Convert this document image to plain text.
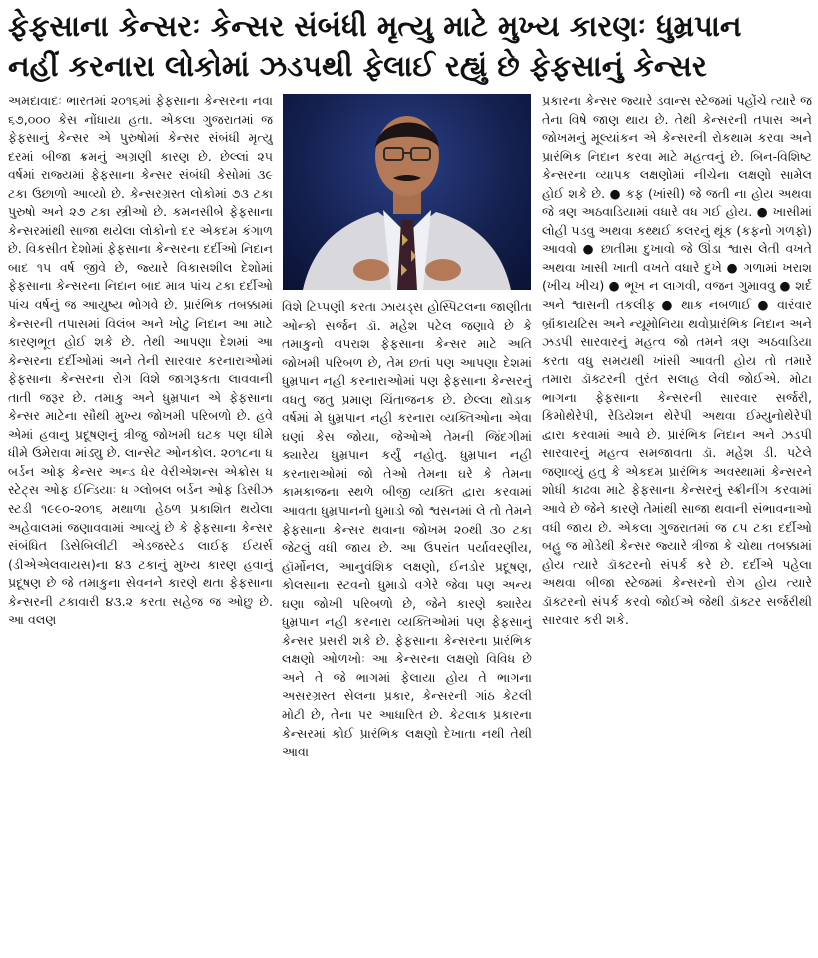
ફેફસાના કેન્સરઃ કેન્સર સંબંધી મૃત્યુ માટે મુખ્ય કારણઃ ધુમ્રપાન
નહીં કરનારા લોકોમાં ઝડપથી ફેલાઈ રહ્યું છે ફેફસાનું કેન્સર

અમદાવાદઃ ભારતમાં ૨૦૧૬માં ફેફસાના કેન્સરના નવા ૬૭,૦૦૦ કેસ નોંધાયા હતા. એકલા ગુજરાતમાં જ ફેફસાનું કેન્સર એ પુરુષોમાં કેન્સર સંબંધી મૃત્યુ દરમાં બીજા ક્રમનું અગ્રણી કારણ છે. છેલ્લાં ૨૫ વર્ષમાં રાજ્યમાં ફેફસાના કેન્સર સંબંધી કેસોમાં ૩૯ ટકા ઉછાળો આવ્યો છે. કેન્સરગ્રસ્ત લોકોમાં ૭૩ ટકા પુરુષો અને ૨૭ ટકા સ્ત્રીઓ છે. કમનસીબે ફેફસાના કેન્સરમાંથી સાજા થયેલા લોકોનો દર એકદમ કંગાળ છે. વિકસીત દેશોમાં ફેફસાના કેન્સરના દર્દીઓ નિદાન બાદ ૧૫ વર્ષ જીવે છે, જ્યારે વિકાસશીલ દેશોમાં ફેફસાના કેન્સરના નિદાન બાદ માત્ર પાંચ ટકા દર્દીઓ પાંચ વર્ષનું જ આયુષ્ય ભોગવે છે. પ્રારંભિક તબક્કામાં કેન્સરની તપાસમાં વિલંબ અને ખોટુ નિદાન આ માટે કારણભૂત હોઈ શકે છે. તેથી આપણા દેશમાં આ કેન્સરના દર્દીઓમાં અને તેની સારવાર કરનારાઓમાં ફેફસાના કેન્સરના રોગ વિશે જાગરૂકતા લાવવાની તાતી જરૂર છે. તમાકુ અને ધુમ્રપાન એ ફેફસાના કેન્સર માટેના સૌથી મુખ્ય જોખમી પરિબળો છે. હવે એમાં હવાનુ પ્રદૂષણનું ત્રીજુ જોખમી ઘટક પણ ધીમે ધીમે ઉમેરાવા માંડ્યુ છે. લાન્સેટ ઓનકોલ. ૨૦૧૮ના ધ બર્ડન ઓફ કેન્સર અન્ડ ધેર વેરીએશન્સ એક્રોસ ધ સ્ટેટ્સ ઓફ ઈન્ડિયાઃ ધ ગ્લોબલ બર્ડન ઓફ ડિસીઝ સ્ટડી ૧૯૯૦-૨૦૧૬ મથાળા હેઠળ પ્રકાશિત થયેલા અહેવાલમાં જણાવવામાં આવ્યું છે કે ફેફસાના કેન્સર સંબંધિત ડિસેબિલીટી એડજસ્ટેડ લાઈફ ઈયર્સ (ડીએએલવાયસ)ના ૪૩ ટકાનું મુખ્ય કારણ હવાનું પ્રદૂષણ છે જે તમાકુના સેવનને કારણે થતા ફેફસાના કેન્સરની ટકાવારી ૪૩.૨ કરતા સહેજ જ ઓછુ છે. આ વલણ

વિશે ટિપ્પણી કરતા ઝાયડ્સ હોસ્પિટલના જાણીતા ઓન્કો સર્જન ડૉ. મહેશ પટેલ જણાવે છે કે તમાકુનો વપરાશ ફેફસાના કેન્સર માટે અતિ જોખમી પરિબળ છે, તેમ છતાં પણ આપણા દેશમાં ધુમ્રપાન નહી કરનારાઓમાં પણ ફેફસાના કેન્સરનું વધતુ જતુ પ્રમાણ ચિંતાજનક છે. છેલ્લા થોડાક વર્ષમાં મે ધુમ્રપાન નહી કરનારા વ્યક્તિઓના એવા ઘણાં કેસ જોયા, જેઓએ તેમની જિંદગીમાં ક્યારેય ધુમ્રપાન કર્યું નહોતુ. ધુમ્રપાન નહી કરનારાઓમાં જો તેઓ તેમના ઘરે કે તેમના કામકાજના સ્થળે બીજી વ્યક્તિ દ્વારા કરવામાં આવતા ધુમ્રપાનનો ધુમાડો જો શ્વસનમાં લે તો તેમને ફેફસાના કેન્સર થવાના જોખમ ૨૦થી ૩૦ ટકા જેટલું વધી જાય છે. આ ઉપરાંત પર્યાવરણીય, હૉર્મોનલ, આનુવંશિક લક્ષણો, ઈનડોર પ્રદૂષણ, કોલસાના સ્ટવનો ધુમાડો વગેરે જેવા પણ અન્ય ઘણા જોખી પરિબળો છે, જેને કારણે ક્યારેય ધુમ્રપાન નહી કરનારા વ્યક્તિઓમાં પણ ફેફસાનું કેન્સર પ્રસરી શકે છે. ફેફસાના કેન્સરના પ્રારંભિક લક્ષણો ઓળખોઃ આ કેન્સરના લક્ષણો વિવિધ છે અને તે જે ભાગમાં ફેલાયા હોય તે ભાગના અસરગ્રસ્ત સેલના પ્રકાર, કેન્સરની ગાંઠ કેટલી મોટી છે, તેના પર આધારિત છે. કેટલાક પ્રકારના કેન્સરમાં કોઈ પ્રારંભિક લક્ષણો દેખાતા નથી તેથી આવા

પ્રકારના કેન્સર જ્યારે ડવાન્સ સ્ટેજમાં પહોંચે ત્યારે જ તેના વિષે જાણ થાય છે. તેથી કેન્સરની તપાસ અને જોખમનું મૂલ્યાંકન એ કેન્સરની રોકથામ કરવા અને પ્રારંભિક નિદાન કરવા માટે મહત્વનું છે. બિન-વિશિષ્ટ કેન્સરના વ્યાપક લક્ષણોમાં નીચેના લક્ષણો સામેલ હોઈ શકે છે. ● કફ (ખાંસી) જે જતી ના હોય અથવા જે ત્રણ અઠવાડિયામાં વધારે વધ ગઈ હોય. ● ખાસીમાં લોહી પડવુ અથવા કથ્થઈ કલરનું થૂંક (કફનો ગળફો) આવવો ● છાતીમા દુખાવો જે ઊંડા શ્વાસ લેતી વખતે અથવા ખાસી ખાતી વખતે વધારે દુખે ● ગળામાં ખરાશ (ખીચ ખીચ) ● ભૂખ ન લાગવી, વજન ગુમાવવુ ● શર્દ અને શ્વાસની તકલીફ ● થાક નબળાઈ ● વારંવાર બ્રૉંકાયટિસ અને ન્યૂમોનિયા થવોપ્રારંભિક નિદાન અને ઝડપી સારવારનું મહત્વ જો તમને ત્રણ અઠવાડિયા કરતા વધુ સમયથી ખાંસી આવતી હોય તો તમારે તમારા ડૉક્ટરની તુરંત સલાહ લેવી જોઈએ. મોટા ભાગના ફેફસાના કેન્સરની સારવાર સર્જરી, કિમોથેરેપી, રેડિયેશન થેરેપી અથવા ઈમ્યુનોથેરેપી દ્વારા કરવામાં આવે છે. પ્રારંભિક નિદાન અને ઝડપી સારવારનું મહત્વ સમજાવતા ડૉ. મહેશ ડી. પટેલે જણાવ્યું હતુ કે એકદમ પ્રારંભિક અવસ્થામાં કેન્સરને શોધી કાઢવા માટે ફેફસાના કેન્સરનું સ્ક્રીનીંગ કરવામાં આવે છે જેને કારણે તેમાંથી સાજા થવાની સંભાવનાઓ વધી જાય છે. એકલા ગુજરાતમાં જ ૮૫ ટકા દર્દીઓ બહુ જ મોડેથી કેન્સર જ્યારે ત્રીજા કે ચોથા તબક્કામાં હોય ત્યારે ડૉક્ટરનો સંપર્ક કરે છે. દર્દીએ પહેલા અથવા બીજા સ્ટેજમાં કેન્સરનો રોગ હોય ત્યારે ડૉક્ટરનો સંપર્ક કરવો જોઈએ જેથી ડૉક્ટર સર્જરીથી સારવાર કરી શકે.
